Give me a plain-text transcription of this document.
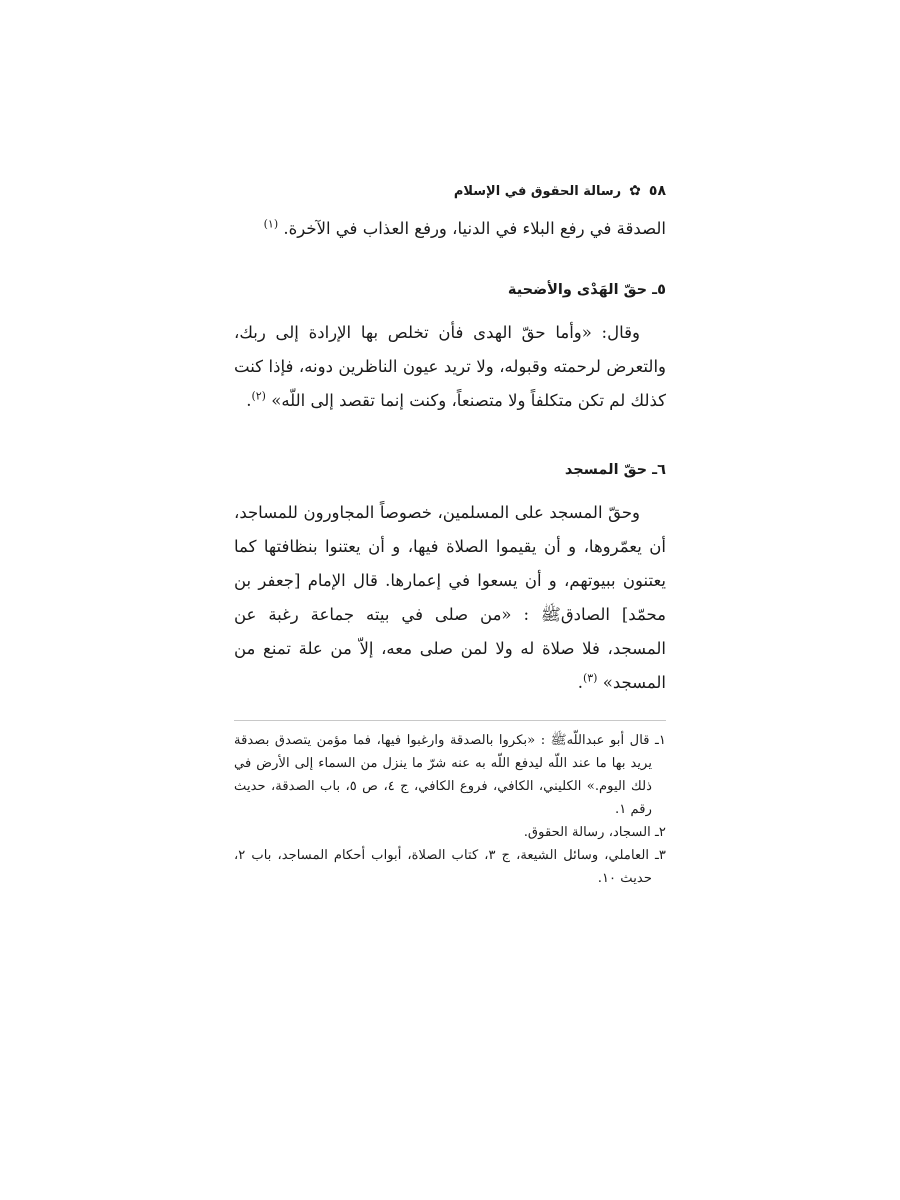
٥٨
✿
رسالة الحقوق في الإسلام

الصدقة في رفع البلاء في الدنيا، ورفع العذاب في الآخرة. $^{(١)}$

٥ـ حقّ الهَدْى والأضحية

وقال: «وأما حقّ الهدى فأن تخلص بها الإرادة إلى ربك، والتعرض لرحمته وقبوله، ولا تريد عيون الناظرين دونه، فإذا كنت كذلك لم تكن متكلفاً ولا متصنعاً، وكنت إنما تقصد إلى اللّه» $^{(٢)}$.

٦ـ حقّ المسجد

وحقّ المسجد على المسلمين، خصوصاً المجاورون للمساجد، أن يعمّروها، و أن يقيموا الصلاة فيها، و أن يعتنوا بنظافتها كما يعتنون ببيوتهم، و أن يسعوا في إعمارها. قال الإمام [جعفر بن محمّد] الصادقﷺ : «من صلى في بيته جماعة رغبة عن المسجد، فلا صلاة له ولا لمن صلى معه، إلاّ من علة تمنع من المسجد» $^{(٣)}$.

١ـ قال أبو عبداللّهﷺ : «بكروا بالصدقة وارغبوا فيها، فما مؤمن يتصدق بصدقة يريد بها ما عند اللّه ليدفع اللّه به عنه شرّ ما ينزل من السماء إلى الأرض في ذلك اليوم.» الكليني، الكافي، فروع الكافي، ج ٤، ص ٥، باب الصدقة، حديث رقم ١.

٢ـ السجاد، رسالة الحقوق.

٣ـ العاملي، وسائل الشيعة، ج ٣، كتاب الصلاة، أبواب أحكام المساجد، باب ٢، حديث ١٠.
